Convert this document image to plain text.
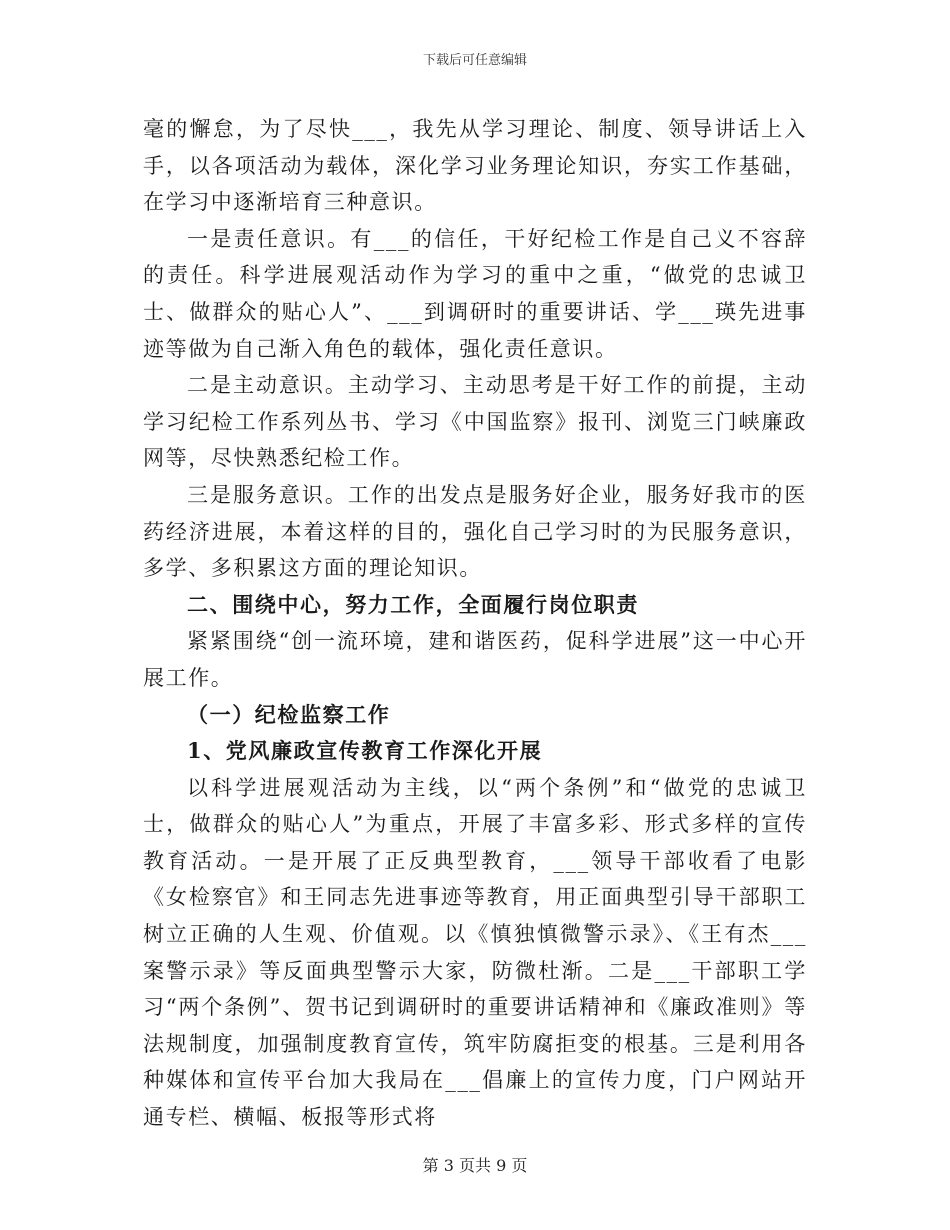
下载后可任意编辑

毫的懈怠，为了尽快___，我先从学习理论、制度、领导讲话上入手，以各项活动为载体，深化学习业务理论知识，夯实工作基础，在学习中逐渐培育三种意识。

一是责任意识。有___的信任，干好纪检工作是自己义不容辞的责任。科学进展观活动作为学习的重中之重，“做党的忠诚卫士、做群众的贴心人”、___到调研时的重要讲话、学___瑛先进事迹等做为自己渐入角色的载体，强化责任意识。

二是主动意识。主动学习、主动思考是干好工作的前提，主动学习纪检工作系列丛书、学习《中国监察》报刊、浏览三门峡廉政网等，尽快熟悉纪检工作。

三是服务意识。工作的出发点是服务好企业，服务好我市的医药经济进展，本着这样的目的，强化自己学习时的为民服务意识，多学、多积累这方面的理论知识。

二、围绕中心，努力工作，全面履行岗位职责

紧紧围绕“创一流环境，建和谐医药，促科学进展”这一中心开展工作。

（一）纪检监察工作

1、党风廉政宣传教育工作深化开展

以科学进展观活动为主线，以“两个条例”和“做党的忠诚卫士，做群众的贴心人”为重点，开展了丰富多彩、形式多样的宣传教育活动。一是开展了正反典型教育，___领导干部收看了电影《女检察官》和王同志先进事迹等教育，用正面典型引导干部职工树立正确的人生观、价值观。以《慎独慎微警示录》、《王有杰___案警示录》等反面典型警示大家，防微杜渐。二是___干部职工学习“两个条例”、贺书记到调研时的重要讲话精神和《廉政准则》等法规制度，加强制度教育宣传，筑牢防腐拒变的根基。三是利用各种媒体和宣传平台加大我局在___倡廉上的宣传力度，门户网站开通专栏、横幅、板报等形式将

第 3 页共 9 页
